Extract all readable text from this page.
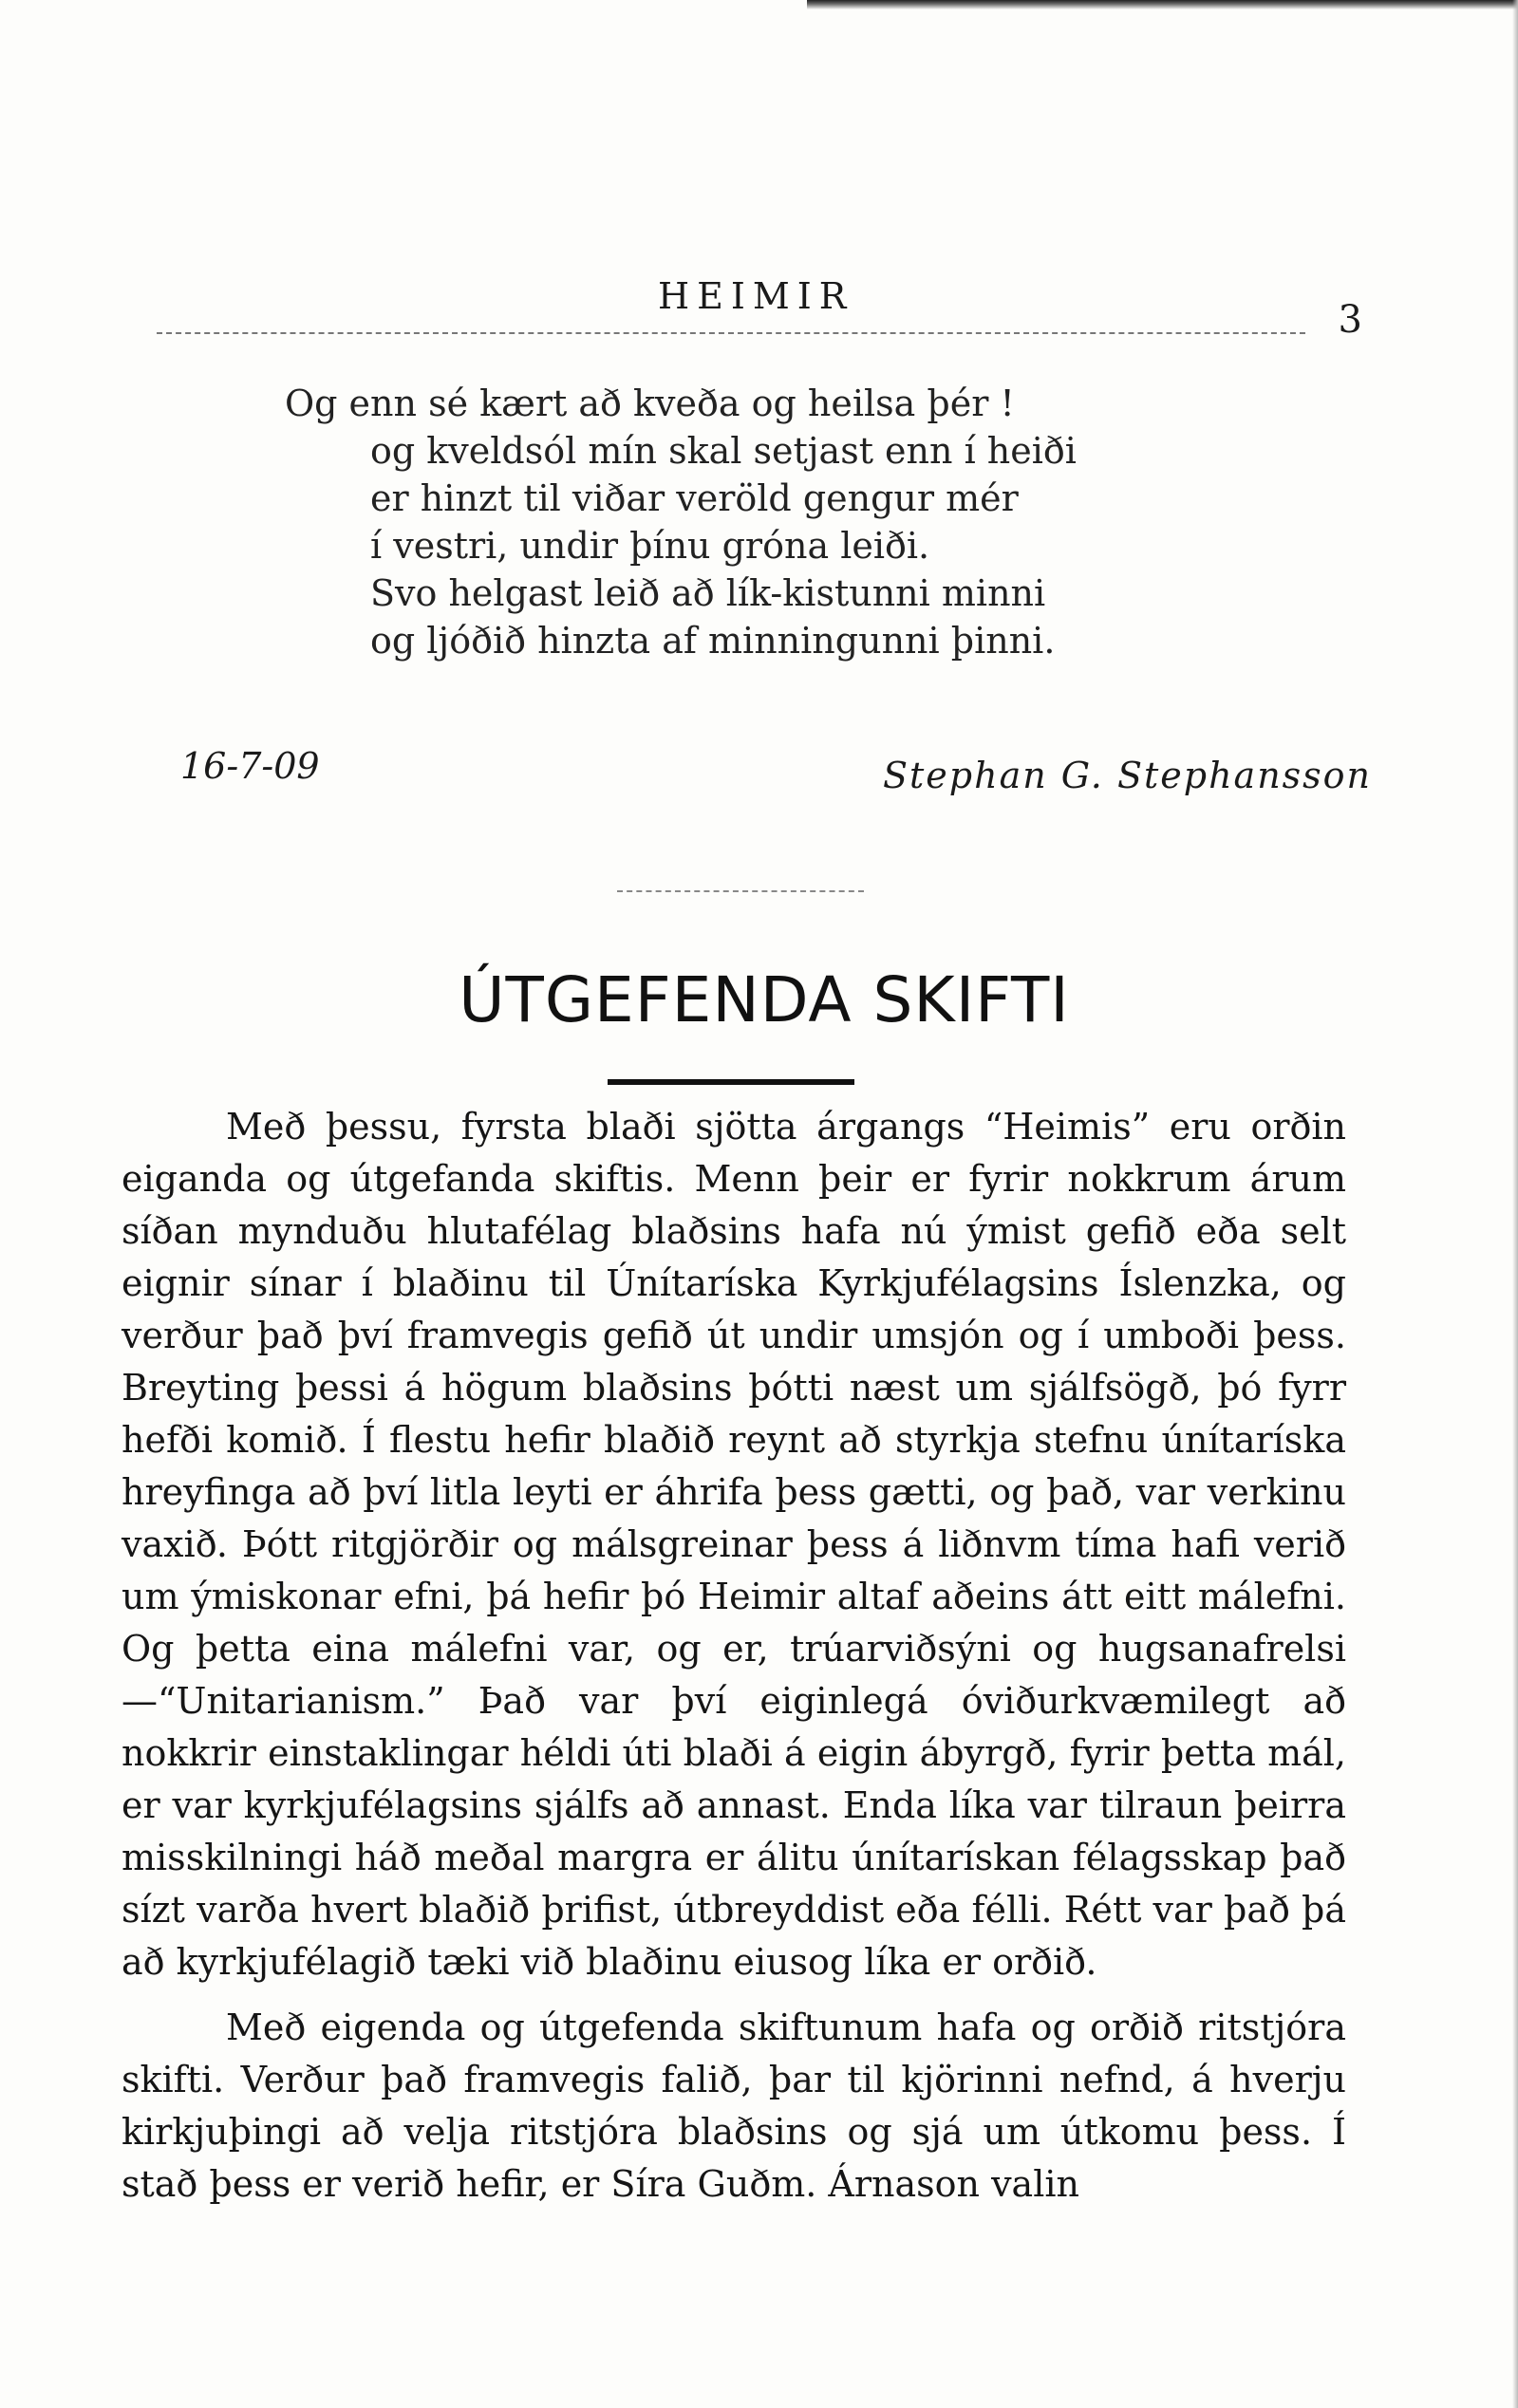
HEIMIR
3
Og enn sé kært að kveða og heilsa þér !
og kveldsól mín skal setjast enn í heiði
er hinzt til viðar veröld gengur mér
í vestri, undir þínu gróna leiði.
Svo helgast leið að lík-kistunni minni
og ljóðið hinzta af minningunni þinni.
16-7-09	Stephan G. Stephansson
ÚTGEFENDA SKIFTI

Með þessu, fyrsta blaði sjötta árgangs “Heimis” eru orðin eiganda og útgefanda skiftis. Menn þeir er fyrir nokkrum árum síðan mynduðu hlutafélag blaðsins hafa nú ýmist gefið eða selt eignir sínar í blaðinu til Únítaríska Kyrkjufélagsins Íslenzka, og verður það því framvegis gefið út undir umsjón og í umboði þess. Breyting þessi á högum blaðsins þótti næst um sjálfsögð, þó fyrr hefði komið. Í flestu hefir blaðið reynt að styrkja stefnu únítaríska hreyfinga að því litla leyti er áhrifa þess gætti, og það, var verkinu vaxið. Þótt ritgjörðir og málsgreinar þess á liðnvm tíma hafi verið um ýmiskonar efni, þá hefir þó Heimir altaf aðeins átt eitt málefni. Og þetta eina málefni var, og er, trúarviðsýni og hugsanafrelsi—“Unitarianism.” Það var því eiginlegá óviðurkvæmilegt að nokkrir einstaklingar héldi úti blaði á eigin ábyrgð, fyrir þetta mál, er var kyrkjufélagsins sjálfs að annast. Enda líka var tilraun þeirra misskilningi háð meðal margra er álitu únítarískan félagsskap það sízt varða hvert blaðið þrifist, útbreyddist eða félli. Rétt var það þá að kyrkjufélagið tæki við blaðinu eiusog líka er orðið.

Með eigenda og útgefenda skiftunum hafa og orðið ritstjóra skifti. Verður það framvegis falið, þar til kjörinni nefnd, á hverju kirkjuþingi að velja ritstjóra blaðsins og sjá um útkomu þess. Í stað þess er verið hefir, er Síra Guðm. Árnason valin
